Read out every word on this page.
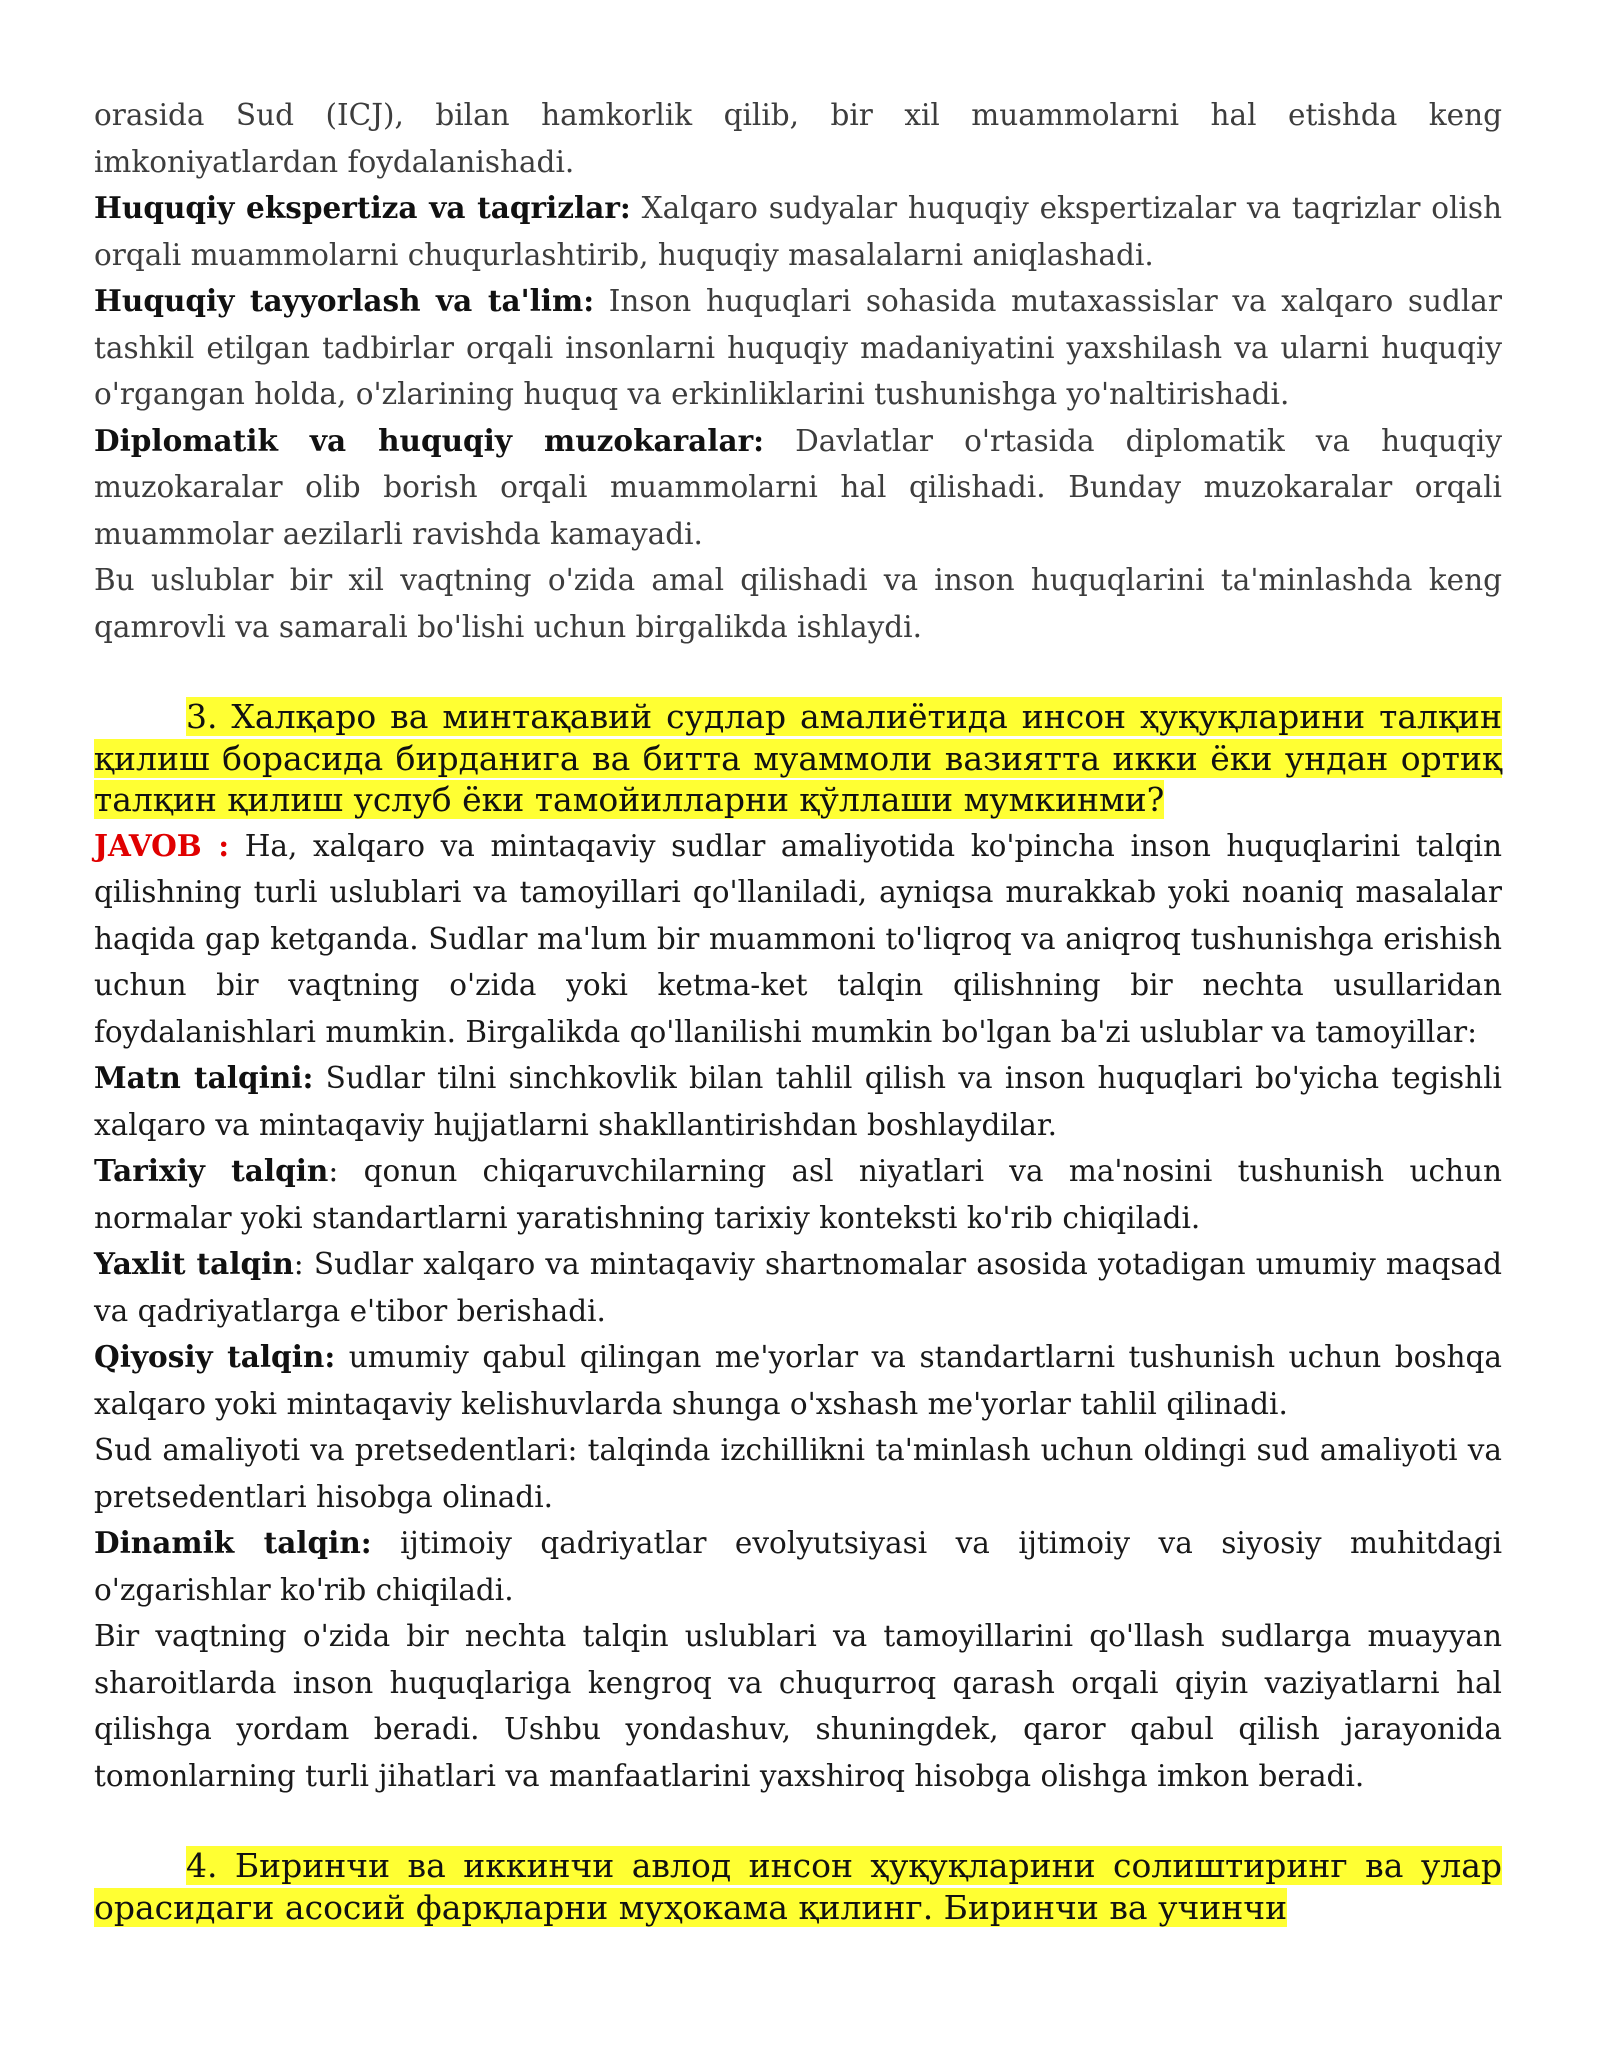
orasida Sud (ICJ), bilan hamkorlik qilib, bir xil muammolarni hal etishda keng imkoniyatlardan foydalanishadi.

Huquqiy ekspertiza va taqrizlar: Xalqaro sudyalar huquqiy ekspertizalar va taqrizlar olish orqali muammolarni chuqurlashtirib, huquqiy masalalarni aniqlashadi.

Huquqiy tayyorlash va ta'lim: Inson huquqlari sohasida mutaxassislar va xalqaro sudlar tashkil etilgan tadbirlar orqali insonlarni huquqiy madaniyatini yaxshilash va ularni huquqiy o'rgangan holda, o'zlarining huquq va erkinliklarini tushunishga yo'naltirishadi.

Diplomatik va huquqiy muzokaralar: Davlatlar o'rtasida diplomatik va huquqiy muzokaralar olib borish orqali muammolarni hal qilishadi. Bunday muzokaralar orqali muammolar aezilarli ravishda kamayadi.

Bu uslublar bir xil vaqtning o'zida amal qilishadi va inson huquqlarini ta'minlashda keng qamrovli va samarali bo'lishi uchun birgalikda ishlaydi.

3. Халқаро ва минтақавий судлар амалиётида инсон ҳуқуқларини талқин қилиш борасида бирданига ва битта муаммоли вазиятта икки ёки ундан ортиқ талқин қилиш услуб ёки тамойилларни қўллаши мумкинми?

JAVOB : Ha, xalqaro va mintaqaviy sudlar amaliyotida ko'pincha inson huquqlarini talqin qilishning turli uslublari va tamoyillari qo'llaniladi, ayniqsa murakkab yoki noaniq masalalar haqida gap ketganda. Sudlar ma'lum bir muammoni to'liqroq va aniqroq tushunishga erishish uchun bir vaqtning o'zida yoki ketma-ket talqin qilishning bir nechta usullaridan foydalanishlari mumkin. Birgalikda qo'llanilishi mumkin bo'lgan ba'zi uslublar va tamoyillar:

Matn talqini: Sudlar tilni sinchkovlik bilan tahlil qilish va inson huquqlari bo'yicha tegishli xalqaro va mintaqaviy hujjatlarni shakllantirishdan boshlaydilar.

Tarixiy talqin: qonun chiqaruvchilarning asl niyatlari va ma'nosini tushunish uchun normalar yoki standartlarni yaratishning tarixiy konteksti ko'rib chiqiladi.

Yaxlit talqin: Sudlar xalqaro va mintaqaviy shartnomalar asosida yotadigan umumiy maqsad va qadriyatlarga e'tibor berishadi.

Qiyosiy talqin: umumiy qabul qilingan me'yorlar va standartlarni tushunish uchun boshqa xalqaro yoki mintaqaviy kelishuvlarda shunga o'xshash me'yorlar tahlil qilinadi.

Sud amaliyoti va pretsedentlari: talqinda izchillikni ta'minlash uchun oldingi sud amaliyoti va pretsedentlari hisobga olinadi.

Dinamik talqin: ijtimoiy qadriyatlar evolyutsiyasi va ijtimoiy va siyosiy muhitdagi o'zgarishlar ko'rib chiqiladi.

Bir vaqtning o'zida bir nechta talqin uslublari va tamoyillarini qo'llash sudlarga muayyan sharoitlarda inson huquqlariga kengroq va chuqurroq qarash orqali qiyin vaziyatlarni hal qilishga yordam beradi. Ushbu yondashuv, shuningdek, qaror qabul qilish jarayonida tomonlarning turli jihatlari va manfaatlarini yaxshiroq hisobga olishga imkon beradi.

4. Биринчи ва иккинчи авлод инсон ҳуқуқларини солиштиринг ва улар орасидаги асосий фарқларни муҳокама қилинг. Биринчи ва учинчи
